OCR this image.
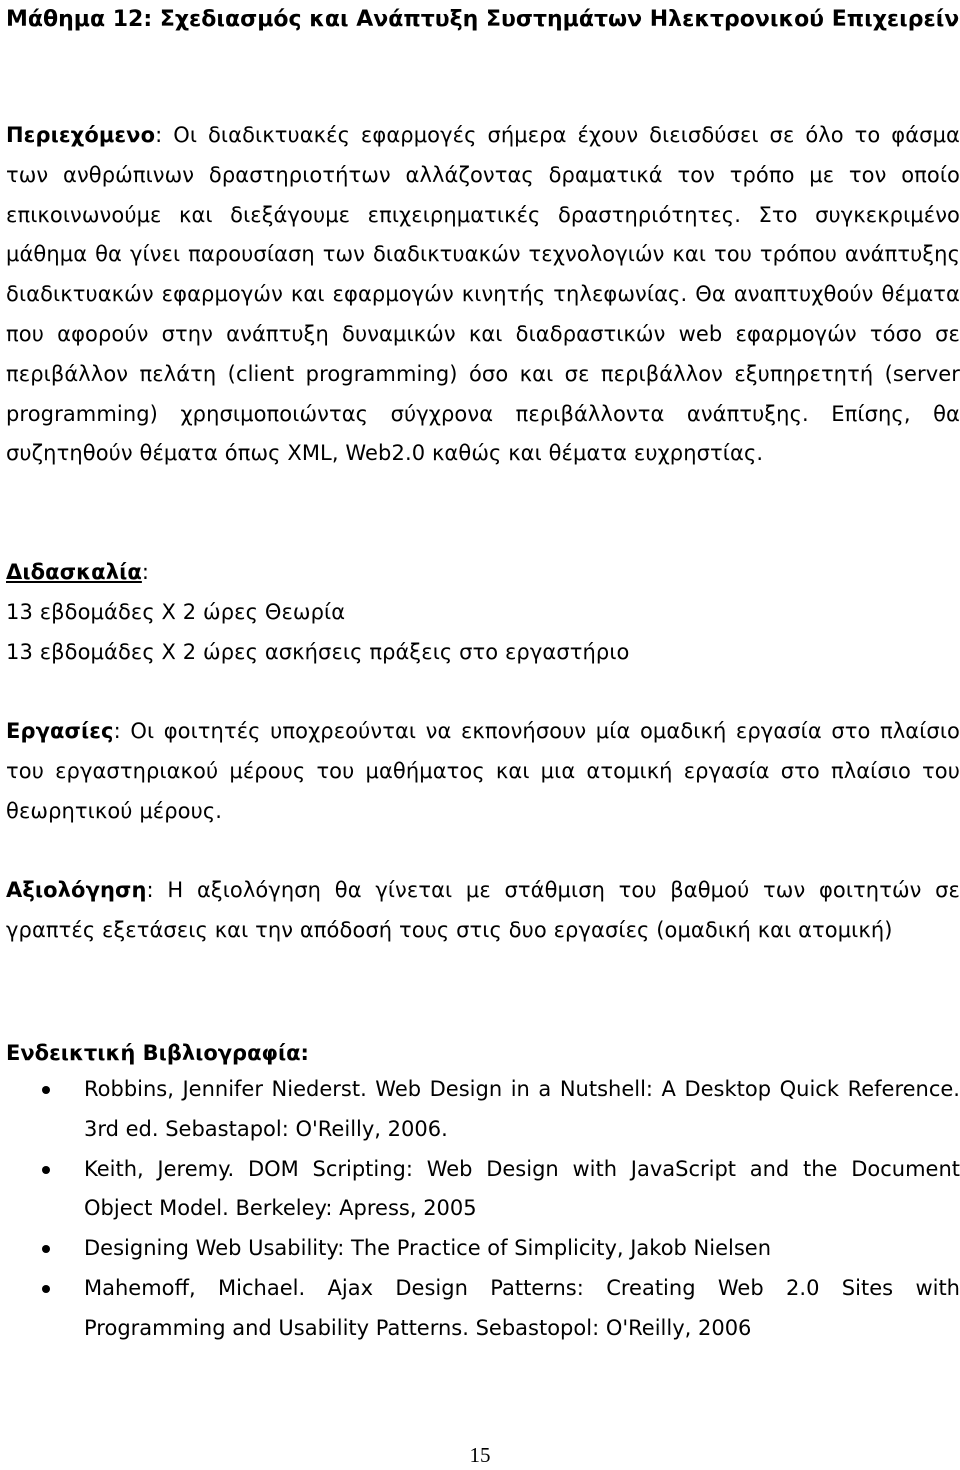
Μάθημα 12: Σχεδιασμός και Ανάπτυξη Συστημάτων Ηλεκτρονικού Επιχειρείν
Περιεχόμενο: Οι διαδικτυακές εφαρμογές σήμερα έχουν διεισδύσει σε όλο το φάσμα των ανθρώπινων δραστηριοτήτων αλλάζοντας δραματικά τον τρόπο με τον οποίο επικοινωνούμε και διεξάγουμε επιχειρηματικές δραστηριότητες. Στο συγκεκριμένο μάθημα θα γίνει παρουσίαση των διαδικτυακών τεχνολογιών και του τρόπου ανάπτυξης διαδικτυακών εφαρμογών και εφαρμογών κινητής τηλεφωνίας. Θα αναπτυχθούν θέματα που αφορούν στην ανάπτυξη δυναμικών και διαδραστικών web εφαρμογών τόσο σε περιβάλλον πελάτη (client programming) όσο και σε περιβάλλον εξυπηρετητή (server programming) χρησιμοποιώντας σύγχρονα περιβάλλοντα ανάπτυξης. Επίσης, θα συζητηθούν θέματα όπως XML, Web2.0 καθώς και θέματα ευχρηστίας.
Διδασκαλία:
13 εβδομάδες Χ 2 ώρες Θεωρία
13 εβδομάδες Χ 2 ώρες ασκήσεις πράξεις στο εργαστήριο
Εργασίες: Οι φοιτητές υποχρεούνται να εκπονήσουν μία ομαδική εργασία στο πλαίσιο του εργαστηριακού μέρους του μαθήματος και μια ατομική εργασία στο πλαίσιο του θεωρητικού μέρους.
Αξιολόγηση: Η αξιολόγηση θα γίνεται με στάθμιση του βαθμού των φοιτητών σε γραπτές εξετάσεις και την απόδοσή τους στις δυο εργασίες (ομαδική και ατομική)
Ενδεικτική Βιβλιογραφία:
Robbins, Jennifer Niederst. Web Design in a Nutshell: A Desktop Quick Reference. 3rd ed. Sebastapol: O'Reilly, 2006.
Keith, Jeremy. DOM Scripting: Web Design with JavaScript and the Document Object Model. Berkeley: Apress, 2005
Designing Web Usability: The Practice of Simplicity, Jakob Nielsen
Mahemoff, Michael. Ajax Design Patterns: Creating Web 2.0 Sites with Programming and Usability Patterns. Sebastopol: O'Reilly, 2006
15
